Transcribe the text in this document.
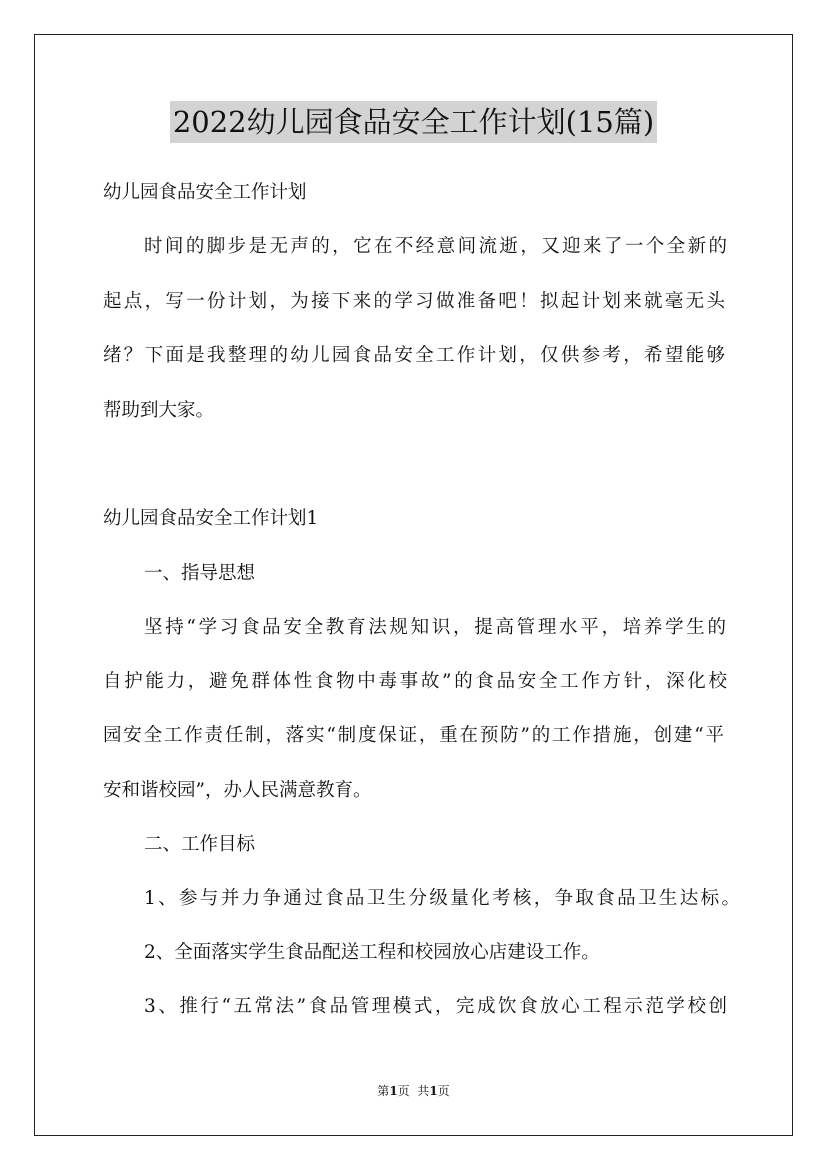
2022幼儿园食品安全工作计划(15篇)
幼儿园食品安全工作计划
时间的脚步是无声的，它在不经意间流逝，又迎来了一个全新的
起点，写一份计划，为接下来的学习做准备吧！拟起计划来就毫无头
绪？下面是我整理的幼儿园食品安全工作计划，仅供参考，希望能够
帮助到大家。
幼儿园食品安全工作计划1
一、指导思想
坚持“学习食品安全教育法规知识，提高管理水平，培养学生的
自护能力，避免群体性食物中毒事故”的食品安全工作方针，深化校
园安全工作责任制，落实“制度保证，重在预防”的工作措施，创建“平
安和谐校园”，办人民满意教育。
二、工作目标
1、参与并力争通过食品卫生分级量化考核，争取食品卫生达标。
2、全面落实学生食品配送工程和校园放心店建设工作。
3、推行“五常法”食品管理模式，完成饮食放心工程示范学校创
第1页  共1页
